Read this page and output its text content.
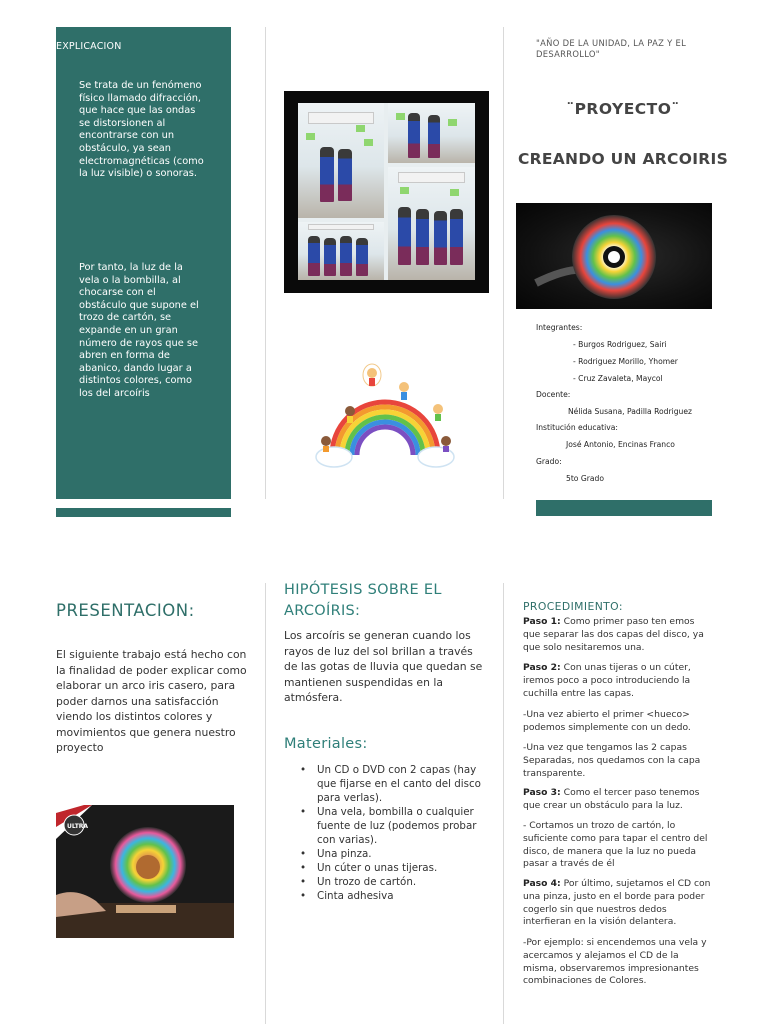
EXPLICACION
Se trata de un fenómeno físico llamado difracción, que hace que las ondas se distorsionen al encontrarse con un obstáculo, ya sean electromagnéticas (como la luz visible) o sonoras.
Por tanto, la luz de la vela o la bombilla, al chocarse con el obstáculo que supone el trozo de cartón, se expande en un gran número de rayos que se abren en forma de abanico, dando lugar a distintos colores, como los del arcoíris
"AÑO DE LA UNIDAD, LA PAZ Y EL DESARROLLO"
¨PROYECTO¨
CREANDO UN ARCOIRIS
Integrantes:
- Burgos Rodriguez, Sairi
- Rodriguez Morillo, Yhomer
- Cruz Zavaleta, Maycol
Docente:
Nélida Susana, Padilla Rodriguez
Institución educativa:
José Antonio, Encinas Franco
Grado:
5to Grado
PRESENTACION:
El siguiente trabajo está hecho con la finalidad de poder explicar como elaborar un arco iris casero, para poder darnos una satisfacción viendo los distintos colores y movimientos que genera nuestro proyecto
ULTRA
HIPÓTESIS SOBRE EL ARCOÍRIS:
Los arcoíris se generan cuando los rayos de luz del sol brillan a través de las gotas de lluvia que quedan se mantienen suspendidas en la atmósfera.
Materiales:
• Un CD o DVD con 2 capas (hay que fijarse en el canto del disco para verlas).
• Una vela, bombilla o cualquier fuente de luz (podemos probar con varias).
• Una pinza.
• Un cúter o unas tijeras.
• Un trozo de cartón.
• Cinta adhesiva
PROCEDIMIENTO:
Paso 1: Como primer paso ten emos que separar las dos capas del disco, ya que solo nesitaremos una.
Paso 2: Con unas tijeras o un cúter, iremos poco a poco introduciendo la cuchilla entre las capas.
-Una vez abierto el primer <hueco> podemos simplemente con un dedo.
-Una vez que tengamos las 2 capas Separadas, nos quedamos con la capa transparente.
Paso 3: Como el tercer paso tenemos que crear un obstáculo para la luz.
- Cortamos un trozo de cartón, lo suficiente como para tapar el centro del disco, de manera que la luz no pueda pasar a través de él
Paso 4: Por último, sujetamos el CD con una pinza, justo en el borde para poder cogerlo sin que nuestros dedos interfieran en la visión delantera.
-Por ejemplo: si encendemos una vela y acercamos y alejamos el CD de la misma, observaremos impresionantes combinaciones de Colores.
